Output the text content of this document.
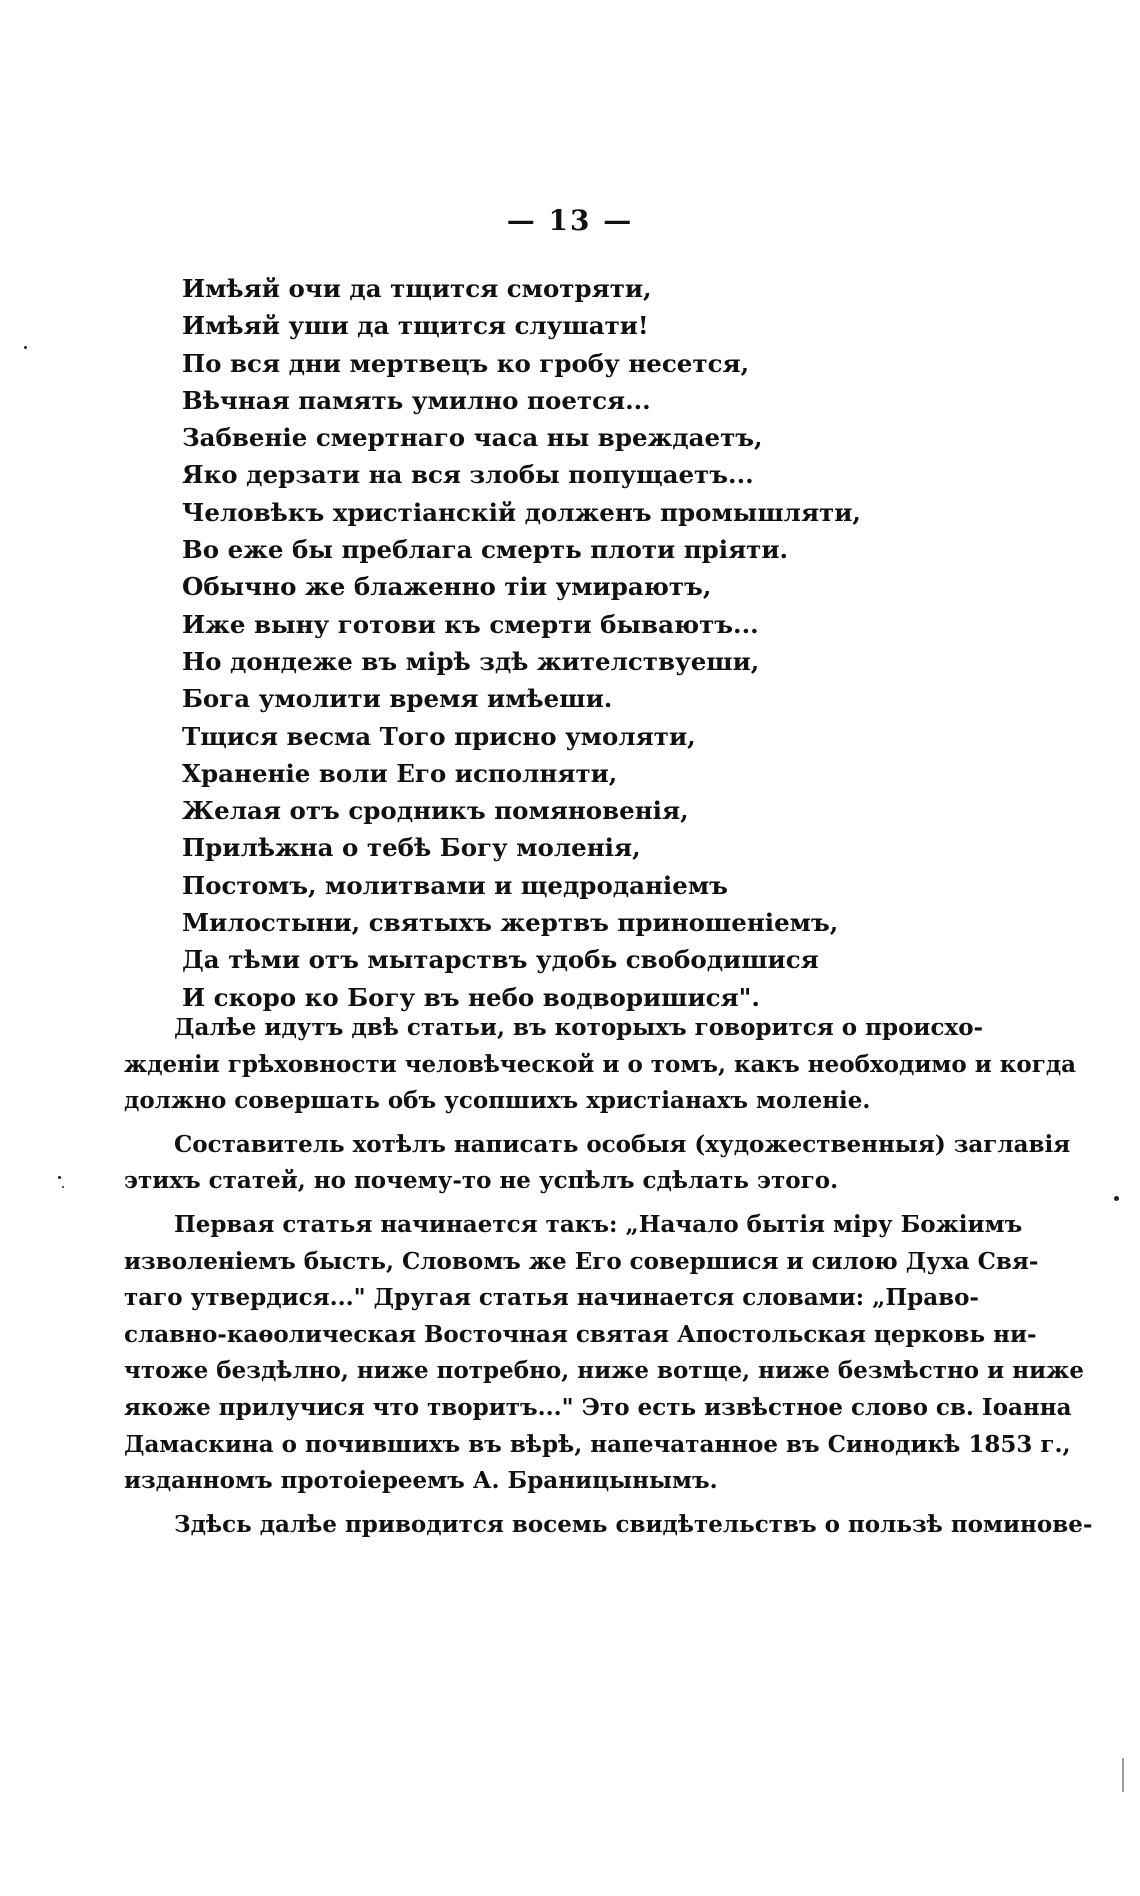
— 13 —
Имѣяй очи да тщится смотряти,
Имѣяй уши да тщится слушати!
По вся дни мертвецъ ко гробу несется,
Вѣчная память умилно поется...
Забвеніе смертнаго часа ны вреждаетъ,
Яко дерзати на вся злобы попущаетъ...
Человѣкъ христіанскій долженъ промышляти,
Во еже бы преблага смерть плоти пріяти.
Обычно же блаженно тіи умираютъ,
Иже выну готови къ смерти бываютъ...
Но дондеже въ мірѣ здѣ жителствуеши,
Бога умолити время имѣеши.
Тщися весма Того присно умоляти,
Храненіе воли Его исполняти,
Желая отъ сродникъ помяновенія,
Прилѣжна о тебѣ Богу моленія,
Постомъ, молитвами и щедроданіемъ
Милостыни, святыхъ жертвъ приношеніемъ,
Да тѣми отъ мытарствъ удобь свободишися
И скоро ко Богу въ небо водворишися".
Далѣе идутъ двѣ статьи, въ которыхъ говорится о происхо-
жденіи грѣховности человѣческой и о томъ, какъ необходимо и когда
должно совершать объ усопшихъ христіанахъ моленіе.
Составитель хотѣлъ написать особыя (художественныя) заглавія
этихъ статей, но почему-то не успѣлъ сдѣлать этого.
Первая статья начинается такъ: „Начало бытія міру Божіимъ
изволеніемъ бысть, Словомъ же Его совершися и силою Духа Свя-
таго утвердися..." Другая статья начинается словами: „Право-
славно-каѳолическая Восточная святая Апостольская церковь ни-
чтоже бездѣлно, ниже потребно, ниже вотще, ниже безмѣстно и ниже
якоже прилучися что творитъ..." Это есть извѣстное слово св. Іоанна
Дамаскина о почившихъ въ вѣрѣ, напечатанное въ Синодикѣ 1853 г.,
изданномъ протоіереемъ А. Браницынымъ.
Здѣсь далѣе приводится восемь свидѣтельствъ о пользѣ поминове-
